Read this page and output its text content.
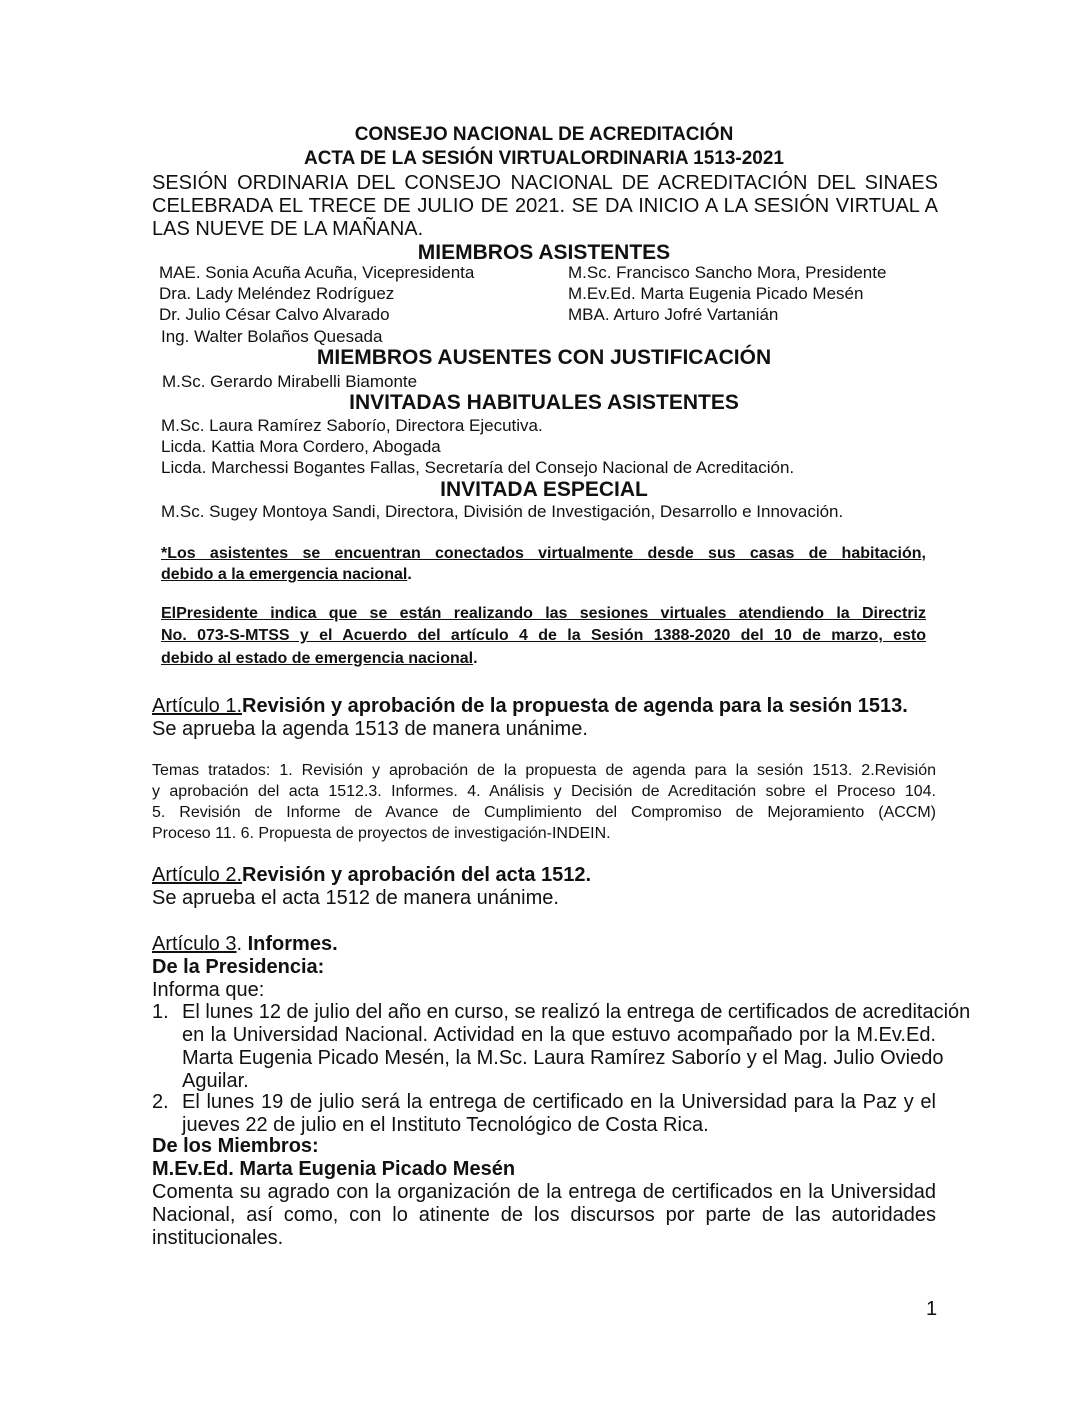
CONSEJO NACIONAL DE ACREDITACIÓN
ACTA DE LA SESIÓN VIRTUALORDINARIA 1513-2021
SESIÓN ORDINARIA DEL CONSEJO NACIONAL DE ACREDITACIÓN DEL SINAES
CELEBRADA EL TRECE DE JULIO DE 2021. SE DA INICIO A LA SESIÓN VIRTUAL A
LAS NUEVE DE LA MAÑANA.
MIEMBROS ASISTENTES
MAE. Sonia Acuña Acuña, Vicepresidenta
Dra. Lady Meléndez Rodríguez
Dr. Julio César Calvo Alvarado
Ing. Walter Bolaños Quesada
M.Sc. Francisco Sancho Mora, Presidente
M.Ev.Ed. Marta Eugenia Picado Mesén
MBA. Arturo Jofré Vartanián
MIEMBROS AUSENTES CON JUSTIFICACIÓN
M.Sc. Gerardo Mirabelli Biamonte
INVITADAS HABITUALES ASISTENTES
M.Sc. Laura Ramírez Saborío, Directora Ejecutiva.
Licda. Kattia Mora Cordero, Abogada
Licda. Marchessi Bogantes Fallas, Secretaría del Consejo Nacional de Acreditación.
INVITADA ESPECIAL
M.Sc. Sugey Montoya Sandi, Directora, División de Investigación, Desarrollo e Innovación.
*Los asistentes se encuentran conectados virtualmente desde sus casas de habitación,
debido a la emergencia nacional.
ElPresidente indica que se están realizando las sesiones virtuales atendiendo la Directriz
No. 073-S-MTSS y el Acuerdo del artículo 4 de la Sesión 1388-2020 del 10 de marzo, esto
debido al estado de emergencia nacional.
Artículo 1.Revisión y aprobación de la propuesta de agenda para la sesión 1513.
Se aprueba la agenda 1513 de manera unánime.
Temas tratados: 1. Revisión y aprobación de la propuesta de agenda para la sesión 1513. 2.Revisión
y aprobación del acta 1512.3. Informes. 4. Análisis y Decisión de Acreditación sobre el Proceso 104.
5. Revisión de Informe de Avance de Cumplimiento del Compromiso de Mejoramiento (ACCM)
Proceso 11. 6. Propuesta de proyectos de investigación-INDEIN.
Artículo 2.Revisión y aprobación del acta 1512.
Se aprueba el acta 1512 de manera unánime.
Artículo 3. Informes.
De la Presidencia:
Informa que:
1. El lunes 12 de julio del año en curso, se realizó la entrega de certificados de acreditación
en la Universidad Nacional. Actividad en la que estuvo acompañado por la M.Ev.Ed.
Marta Eugenia Picado Mesén, la M.Sc. Laura Ramírez Saborío y el Mag. Julio Oviedo
Aguilar.
2. El lunes 19 de julio será la entrega de certificado en la Universidad para la Paz y el
jueves 22 de julio en el Instituto Tecnológico de Costa Rica.
De los Miembros:
M.Ev.Ed. Marta Eugenia Picado Mesén
Comenta su agrado con la organización de la entrega de certificados en la Universidad
Nacional, así como, con lo atinente de los discursos por parte de las autoridades
institucionales.
1
